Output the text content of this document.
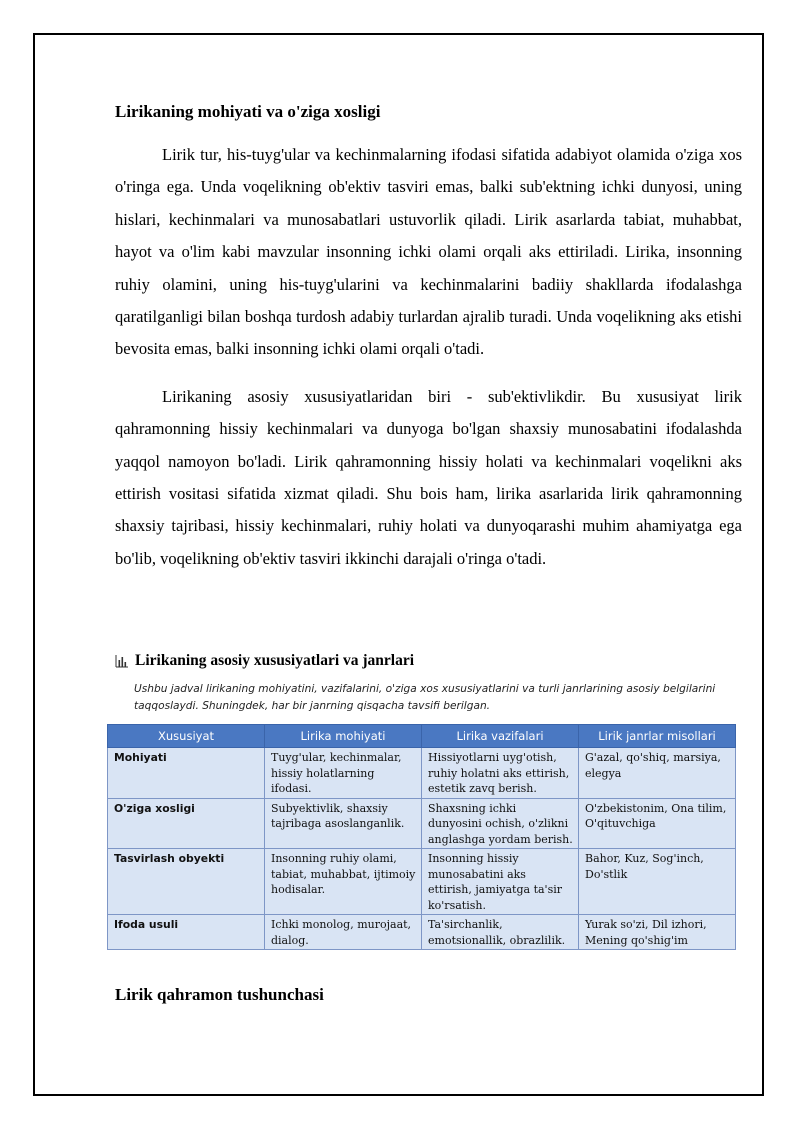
Lirikaning mohiyati va o'ziga xosligi

Lirik tur, his-tuyg'ular va kechinmalarning ifodasi sifatida adabiyot olamida o'ziga xos o'ringa ega. Unda voqelikning ob'ektiv tasviri emas, balki sub'ektning ichki dunyosi, uning hislari, kechinmalari va munosabatlari ustuvorlik qiladi. Lirik asarlarda tabiat, muhabbat, hayot va o'lim kabi mavzular insonning ichki olami orqali aks ettiriladi. Lirika, insonning ruhiy olamini, uning his-tuyg'ularini va kechinmalarini badiiy shakllarda ifodalashga qaratilganligi bilan boshqa turdosh adabiy turlardan ajralib turadi. Unda voqelikning aks etishi bevosita emas, balki insonning ichki olami orqali o'tadi.

Lirikaning asosiy xususiyatlaridan biri - sub'ektivlikdir. Bu xususiyat lirik qahramonning hissiy kechinmalari va dunyoga bo'lgan shaxsiy munosabatini ifodalashda yaqqol namoyon bo'ladi. Lirik qahramonning hissiy holati va kechinmalari voqelikni aks ettirish vositasi sifatida xizmat qiladi. Shu bois ham, lirika asarlarida lirik qahramonning shaxsiy tajribasi, hissiy kechinmalari, ruhiy holati va dunyoqarashi muhim ahamiyatga ega bo'lib, voqelikning ob'ektiv tasviri ikkinchi darajali o'ringa o'tadi.

Lirikaning asosiy xususiyatlari va janrlari
Ushbu jadval lirikaning mohiyatini, vazifalarini, o'ziga xos xususiyatlarini va turli janrlarining asosiy belgilarini taqqoslaydi. Shuningdek, har bir janrning qisqacha tavsifi berilgan.
Xususiyat	Lirika mohiyati	Lirika vazifalari	Lirik janrlar misollari
Mohiyati	Tuyg'ular, kechinmalar, hissiy holatlarning ifodasi.	Hissiyotlarni uyg'otish, ruhiy holatni aks ettirish, estetik zavq berish.	G'azal, qo'shiq, marsiya, elegya
O'ziga xosligi	Subyektivlik, shaxsiy tajribaga asoslanganlik.	Shaxsning ichki dunyosini ochish, o'zlikni anglashga yordam berish.	O'zbekistonim, Ona tilim, O'qituvchiga
Tasvirlash obyekti	Insonning ruhiy olami, tabiat, muhabbat, ijtimoiy hodisalar.	Insonning hissiy munosabatini aks ettirish, jamiyatga ta'sir ko'rsatish.	Bahor, Kuz, Sog'inch, Do'stlik
Ifoda usuli	Ichki monolog, murojaat, dialog.	Ta'sirchanlik, emotsionallik, obrazlilik.	Yurak so'zi, Dil izhori, Mening qo'shig'im
Lirik qahramon tushunchasi
